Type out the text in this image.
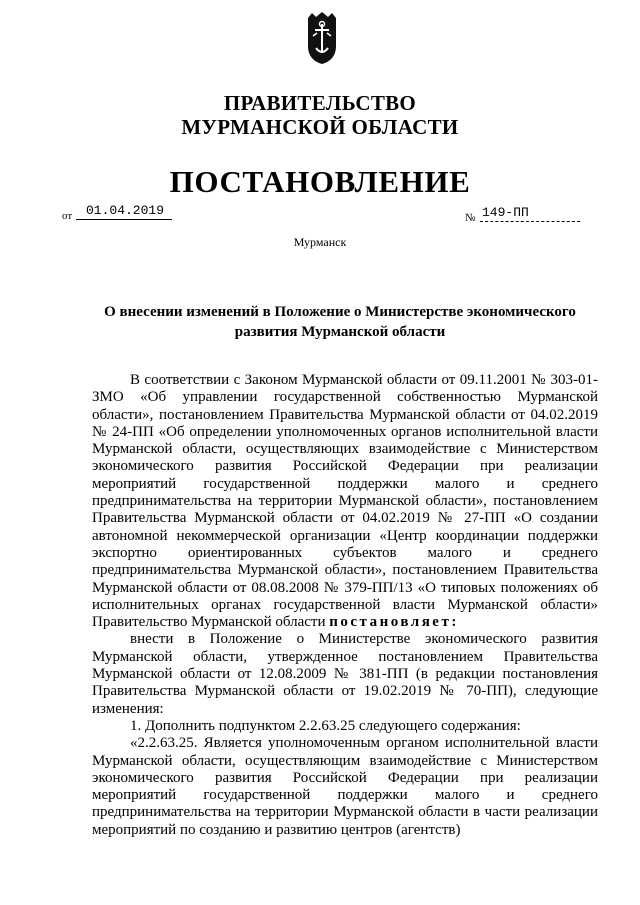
ПРАВИТЕЛЬСТВО
МУРМАНСКОЙ ОБЛАСТИ
ПОСТАНОВЛЕНИЕ
от	01.04.2019	№ 149-ПП
Мурманск
О внесении изменений в Положение о Министерстве экономического развития Мурманской области

В соответствии с Законом Мурманской области от 09.11.2001 № 303-01-ЗМО «Об управлении государственной собственностью Мурманской области», постановлением Правительства Мурманской области от 04.02.2019 № 24-ПП «Об определении уполномоченных органов исполнительной власти Мурманской области, осуществляющих взаимодействие с Министерством экономического развития Российской Федерации при реализации мероприятий государственной поддержки малого и среднего предпринимательства на территории Мурманской области», постановлением Правительства Мурманской области от 04.02.2019 № 27-ПП «О создании автономной некоммерческой организации «Центр координации поддержки экспортно ориентированных субъектов малого и среднего предпринимательства Мурманской области», постановлением Правительства Мурманской области от 08.08.2008 № 379-ПП/13 «О типовых положениях об исполнительных органах государственной власти Мурманской области» Правительство Мурманской области постановляет:

внести в Положение о Министерстве экономического развития Мурманской области, утвержденное постановлением Правительства Мурманской области от 12.08.2009 № 381-ПП (в редакции постановления Правительства Мурманской области от 19.02.2019 № 70-ПП), следующие изменения:

1. Дополнить подпунктом 2.2.63.25 следующего содержания:

«2.2.63.25. Является уполномоченным органом исполнительной власти Мурманской области, осуществляющим взаимодействие с Министерством экономического развития Российской Федерации при реализации мероприятий государственной поддержки малого и среднего предпринимательства на территории Мурманской области в части реализации мероприятий по созданию и развитию центров (агентств)
